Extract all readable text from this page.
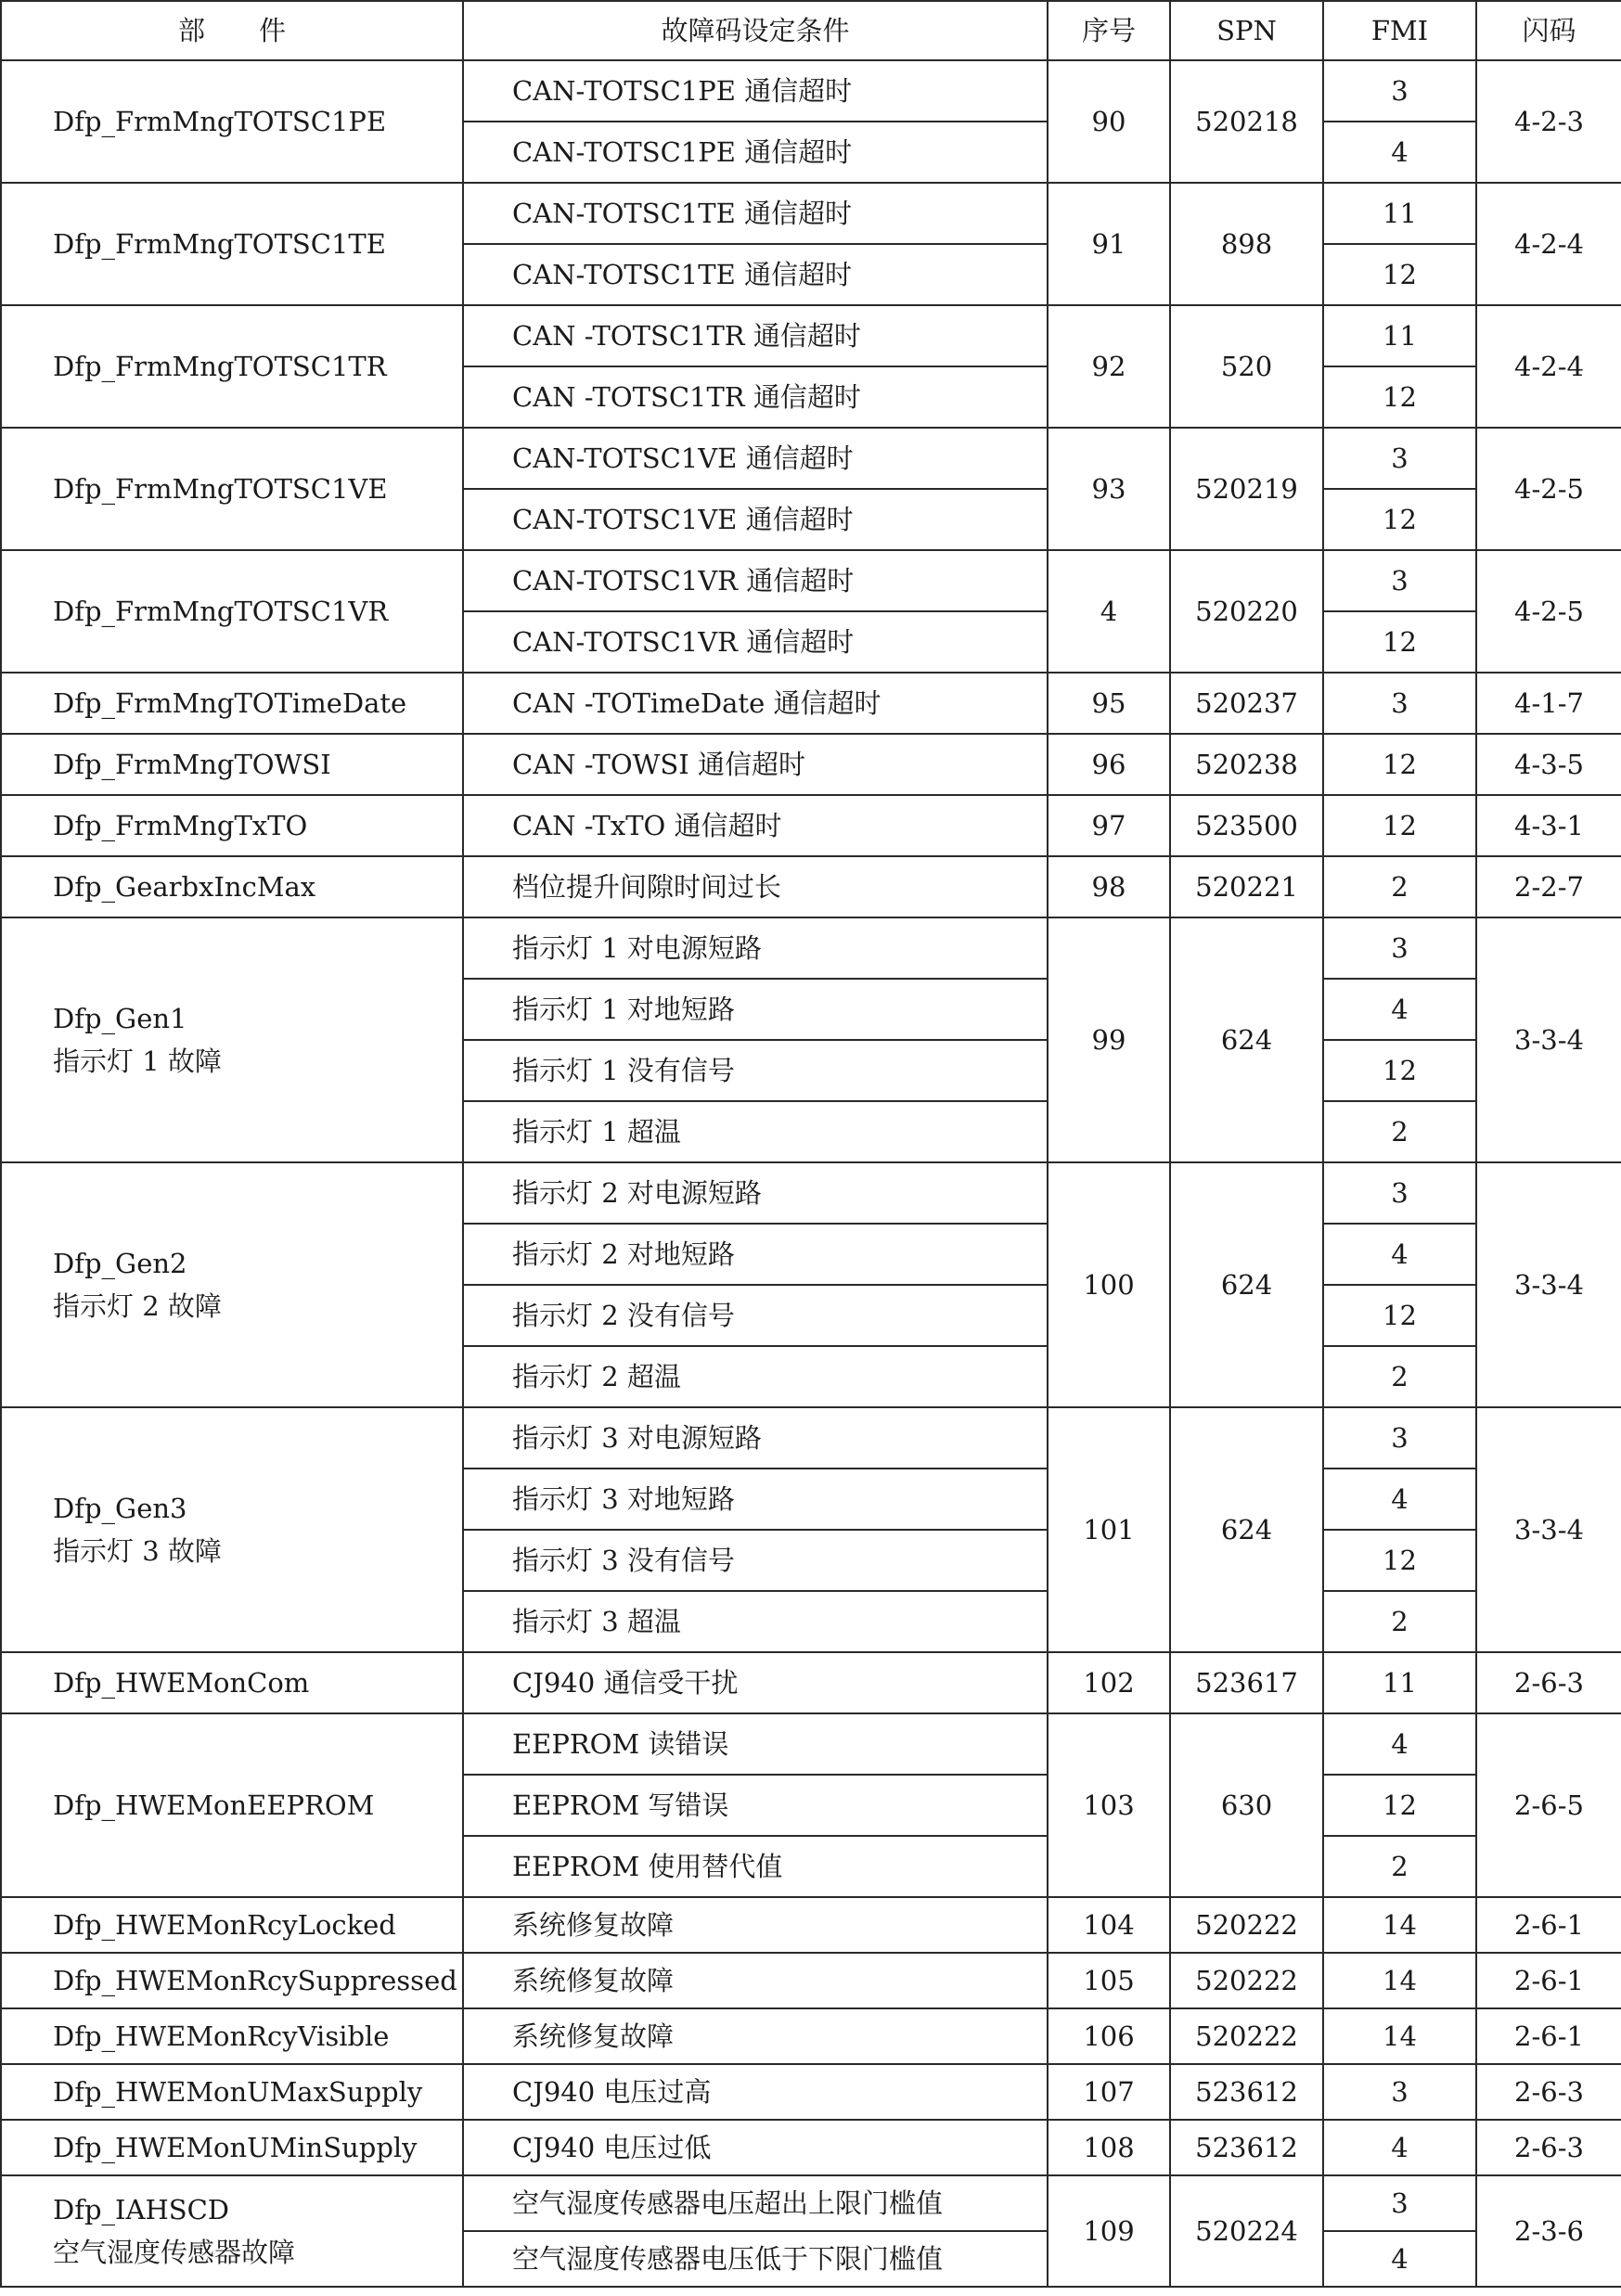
部　　件	故障码设定条件	序号	SPN	FMI	闪码

Dfp_FrmMngTOTSC1PE	CAN-TOTSC1PE 通信超时	90	520218	3	4-2-3
	CAN-TOTSC1PE 通信超时			4	

Dfp_FrmMngTOTSC1TE	CAN-TOTSC1TE 通信超时	91	898	11	4-2-4
	CAN-TOTSC1TE 通信超时			12	

Dfp_FrmMngTOTSC1TR	CAN -TOTSC1TR 通信超时	92	520	11	4-2-4
	CAN -TOTSC1TR 通信超时			12	

Dfp_FrmMngTOTSC1VE	CAN-TOTSC1VE 通信超时	93	520219	3	4-2-5
	CAN-TOTSC1VE 通信超时			12	

Dfp_FrmMngTOTSC1VR	CAN-TOTSC1VR 通信超时	4	520220	3	4-2-5
	CAN-TOTSC1VR 通信超时			12	

Dfp_FrmMngTOTimeDate	CAN -TOTimeDate 通信超时	95	520237	3	4-1-7

Dfp_FrmMngTOWSI	CAN -TOWSI 通信超时	96	520238	12	4-3-5

Dfp_FrmMngTxTO	CAN -TxTO 通信超时	97	523500	12	4-3-1

Dfp_GearbxIncMax	档位提升间隙时间过长	98	520221	2	2-2-7

Dfp_Gen1
指示灯 1 故障	指示灯 1 对电源短路	99	624	3	3-3-4
	指示灯 1 对地短路			4	
	指示灯 1 没有信号			12	
	指示灯 1 超温			2	

Dfp_Gen2
指示灯 2 故障	指示灯 2 对电源短路	100	624	3	3-3-4
	指示灯 2 对地短路			4	
	指示灯 2 没有信号			12	
	指示灯 2 超温			2	

Dfp_Gen3
指示灯 3 故障	指示灯 3 对电源短路	101	624	3	3-3-4
	指示灯 3 对地短路			4	
	指示灯 3 没有信号			12	
	指示灯 3 超温			2	

Dfp_HWEMonCom	CJ940 通信受干扰	102	523617	11	2-6-3

Dfp_HWEMonEEPROM	EEPROM 读错误	103	630	4	2-6-5
	EEPROM 写错误			12	
	EEPROM 使用替代值			2	

Dfp_HWEMonRcyLocked	系统修复故障	104	520222	14	2-6-1

Dfp_HWEMonRcySuppressed	系统修复故障	105	520222	14	2-6-1

Dfp_HWEMonRcyVisible	系统修复故障	106	520222	14	2-6-1

Dfp_HWEMonUMaxSupply	CJ940 电压过高	107	523612	3	2-6-3

Dfp_HWEMonUMinSupply	CJ940 电压过低	108	523612	4	2-6-3

Dfp_IAHSCD
空气湿度传感器故障	空气湿度传感器电压超出上限门槛值	109	520224	3	2-3-6
	空气湿度传感器电压低于下限门槛值			4	
